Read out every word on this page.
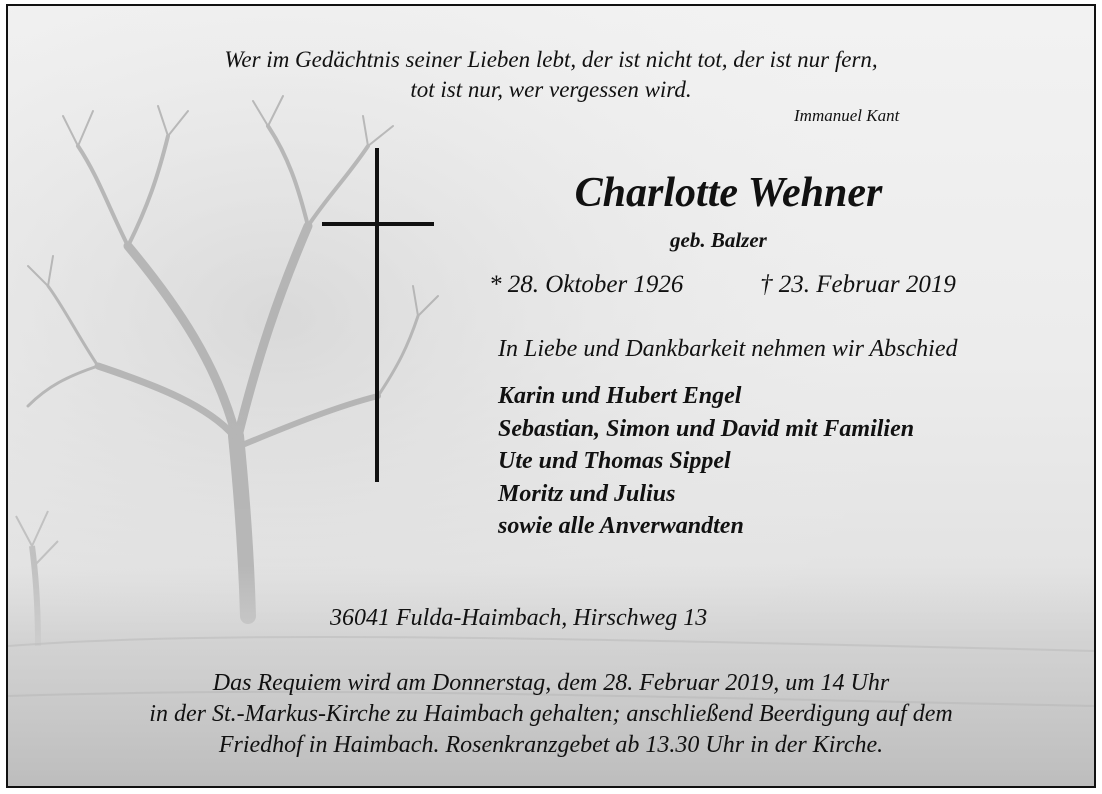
Wer im Gedächtnis seiner Lieben lebt, der ist nicht tot, der ist nur fern,
tot ist nur, wer vergessen wird.
Immanuel Kant
Charlotte Wehner
geb. Balzer
* 28. Oktober 1926	† 23. Februar 2019
In Liebe und Dankbarkeit nehmen wir Abschied
Karin und Hubert Engel
Sebastian, Simon und David mit Familien
Ute und Thomas Sippel
Moritz und Julius
sowie alle Anverwandten
36041 Fulda-Haimbach, Hirschweg 13
Das Requiem wird am Donnerstag, dem 28. Februar 2019, um 14 Uhr
in der St.-Markus-Kirche zu Haimbach gehalten; anschließend Beerdigung auf dem
Friedhof in Haimbach. Rosenkranzgebet ab 13.30 Uhr in der Kirche.
